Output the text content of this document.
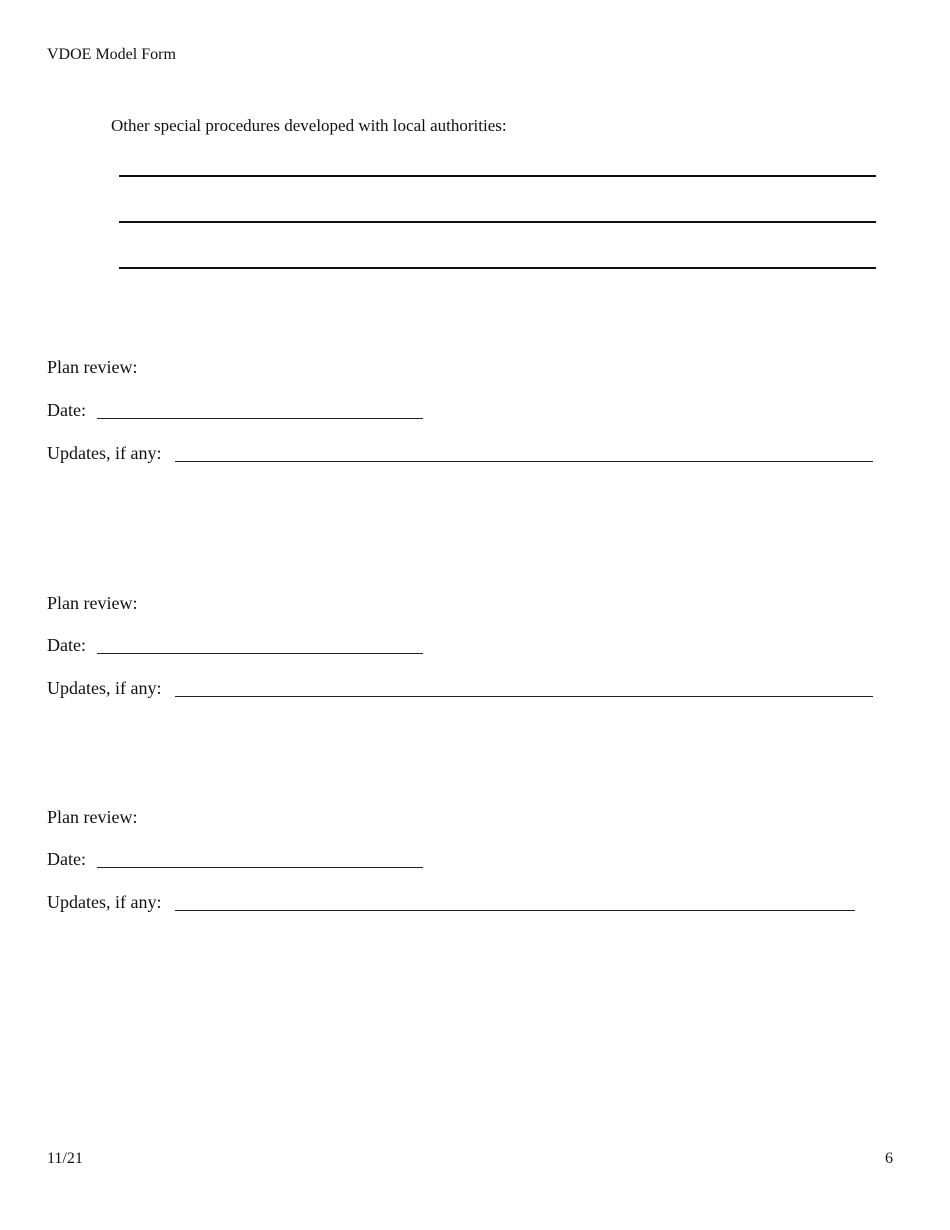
VDOE Model Form
Other special procedures developed with local authorities:
Plan review:
Date:
Updates, if any:
Plan review:
Date:
Updates, if any:
Plan review:
Date:
Updates, if any:
11/21	6
